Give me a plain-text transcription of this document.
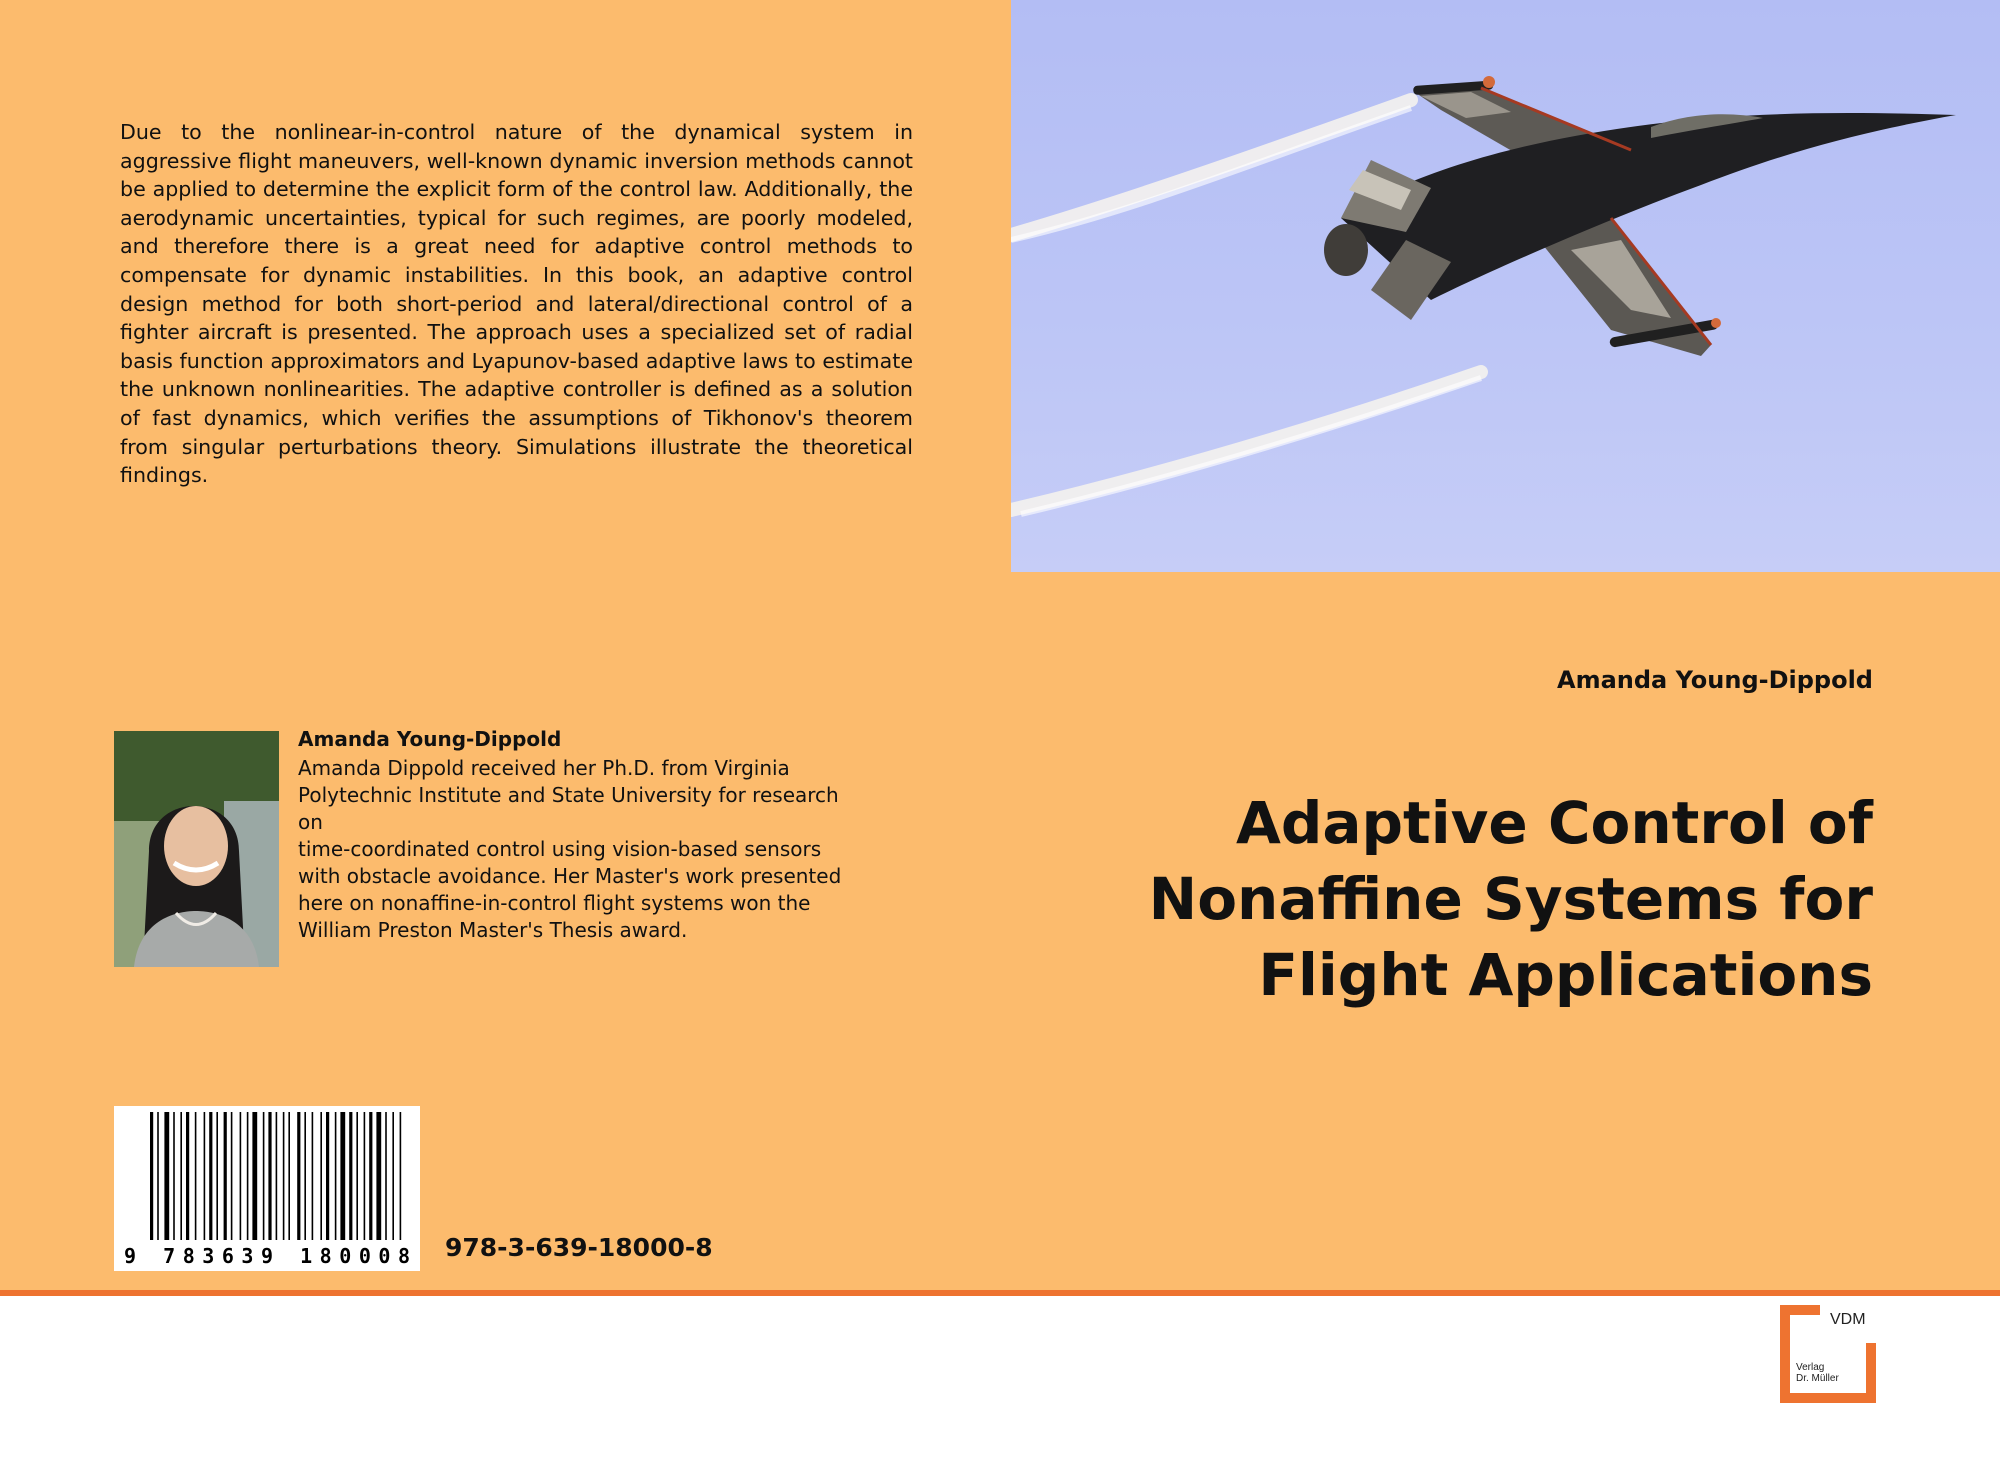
Due to the nonlinear-in-control nature of the dynamical system in aggressive flight maneuvers, well-known dynamic inversion methods cannot be applied to determine the explicit form of the control law. Additionally, the aerodynamic uncertainties, typical for such regimes, are poorly modeled, and therefore there is a great need for adaptive control methods to compensate for dynamic instabilities. In this book, an adaptive control design method for both short-period and lateral/directional control of a fighter aircraft is presented. The approach uses a specialized set of radial basis function approximators and Lyapunov-based adaptive laws to estimate the unknown nonlinearities. The adaptive controller is defined as a solution of fast dynamics, which verifies the assumptions of Tikhonov's theorem from singular perturbations theory. Simulations illustrate the theoretical findings.

Amanda Young-Dippold
Adaptive Control of
Nonaffine Systems for
Flight Applications
Amanda Young-Dippold

Amanda Dippold received her Ph.D. from Virginia
Polytechnic Institute and State University for research on
time-coordinated control using vision-based sensors
with obstacle avoidance. Her Master's work presented
here on nonaffine-in-control flight systems won the
William Preston Master's Thesis award.

9 783639 180008 978-3-639-18000-8
VDM
Verlag
Dr. Müller
